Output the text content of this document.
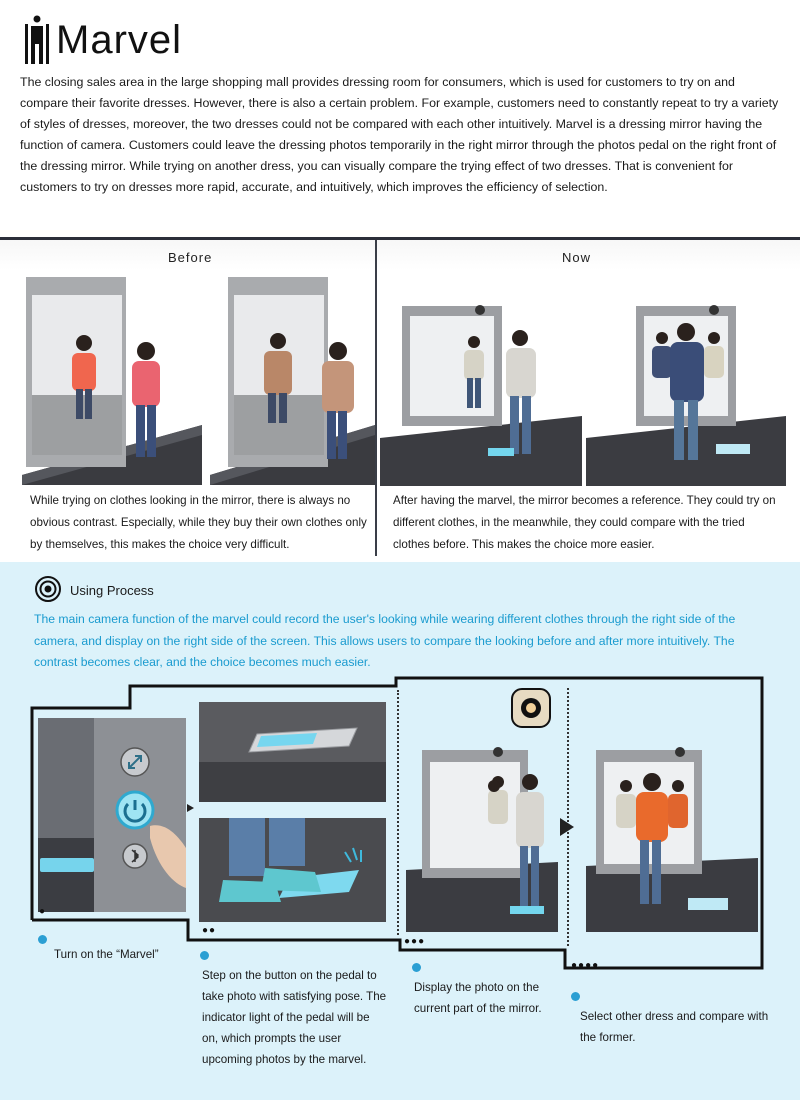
Marvel

The closing sales area in the large shopping mall provides dressing room for consumers, which is used for customers to try on and compare their favorite dresses. However, there is also a certain problem. For example, customers need to constantly repeat to try a variety of styles of dresses, moreover, the two dresses could not be compared with each other intuitively. Marvel is a dressing mirror having the function of camera. Customers could leave the dressing photos temporarily in the right mirror through the photos pedal on the right front of the dressing mirror. While trying on another dress, you can visually compare the trying effect of two dresses. That is convenient for customers to try on dresses more rapid, accurate, and intuitively, which improves the efficiency of selection.

Before	Now

While trying on clothes looking in the mirror, there is always no obvious contrast. Especially, while they buy their own clothes only by themselves, this makes the choice very difficult.

After having the marvel, the mirror becomes a reference. They could try on different clothes, in the meanwhile, they could compare with the tried clothes before. This makes the choice more easier.

Using Process

The main camera function of the marvel could record the user's looking while wearing different clothes through the right side of the camera, and display on the right side of the screen. This allows users to compare the looking before and after more intuitively. The contrast becomes clear, and the choice becomes much easier.

●
●●
●●●
●●●●

Turn on the “Marvel”

Step on the button on the pedal to take photo with satisfying pose. The indicator light of the pedal will be on, which prompts the user upcoming photos by the marvel.

Display the photo on the current part of the mirror.

Select other dress and compare with the former.
